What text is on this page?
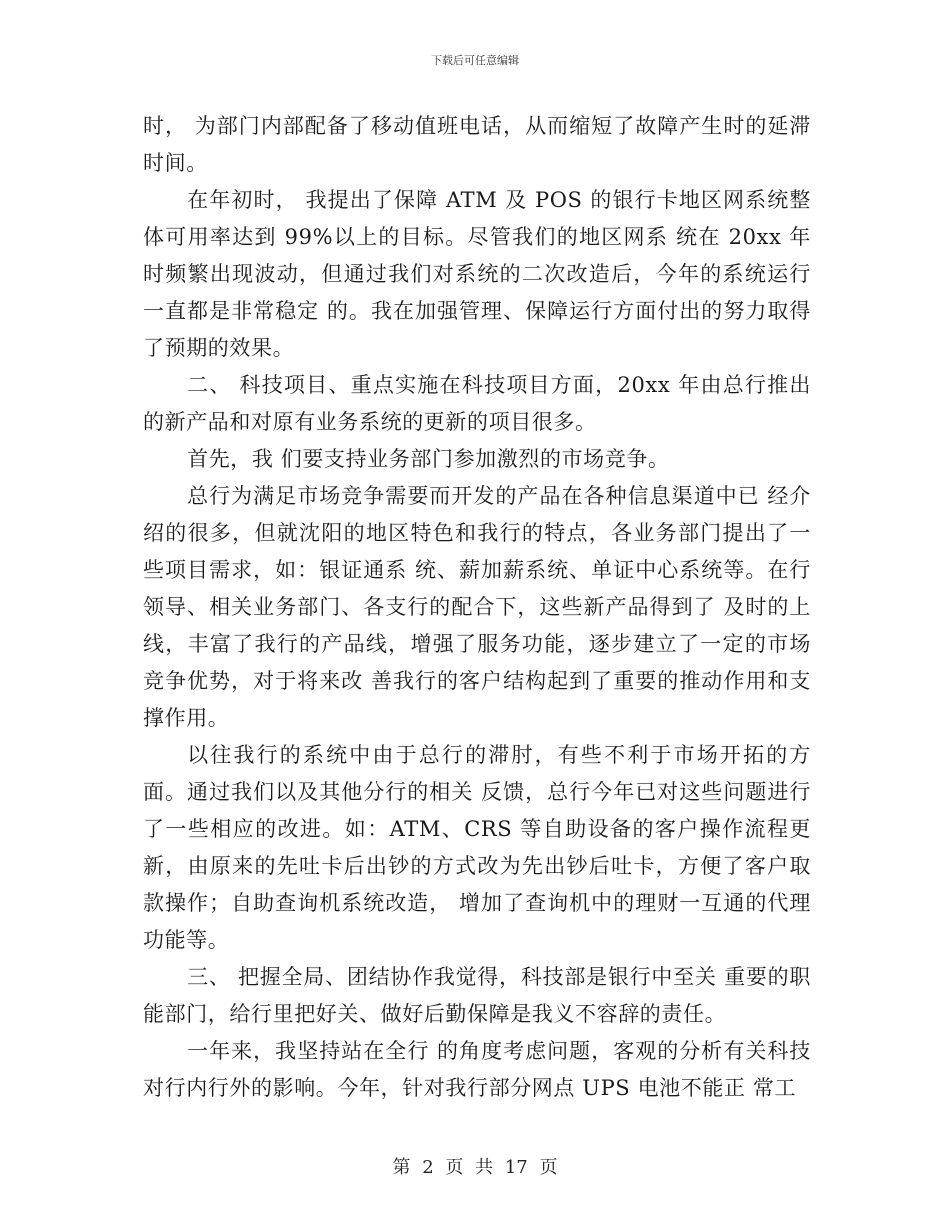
下载后可任意编辑

时， 为部门内部配备了移动值班电话，从而缩短了故障产生时的延滞时间。

在年初时， 我提出了保障 ATM 及 POS 的银行卡地区网系统整体可用率达到 99%以上的目标。尽管我们的地区网系 统在 20xx 年时频繁出现波动，但通过我们对系统的二次改造后，今年的系统运行一直都是非常稳定 的。我在加强管理、保障运行方面付出的努力取得了预期的效果。

二、 科技项目、重点实施在科技项目方面，20xx 年由总行推出的新产品和对原有业务系统的更新的项目很多。

首先，我 们要支持业务部门参加激烈的市场竞争。

总行为满足市场竞争需要而开发的产品在各种信息渠道中已 经介绍的很多，但就沈阳的地区特色和我行的特点，各业务部门提出了一些项目需求，如：银证通系 统、薪加薪系统、单证中心系统等。在行领导、相关业务部门、各支行的配合下，这些新产品得到了 及时的上线，丰富了我行的产品线，增强了服务功能，逐步建立了一定的市场竞争优势，对于将来改 善我行的客户结构起到了重要的推动作用和支撑作用。

以往我行的系统中由于总行的滞肘，有些不利于市场开拓的方面。通过我们以及其他分行的相关 反馈，总行今年已对这些问题进行了一些相应的改进。如：ATM、CRS 等自助设备的客户操作流程更 新，由原来的先吐卡后出钞的方式改为先出钞后吐卡，方便了客户取款操作；自助查询机系统改造， 增加了查询机中的理财一互通的代理功能等。

三、 把握全局、团结协作我觉得，科技部是银行中至关 重要的职能部门，给行里把好关、做好后勤保障是我义不容辞的责任。

一年来，我坚持站在全行 的角度考虑问题，客观的分析有关科技对行内行外的影响。今年，针对我行部分网点 UPS 电池不能正 常工

第 2 页 共 17 页
